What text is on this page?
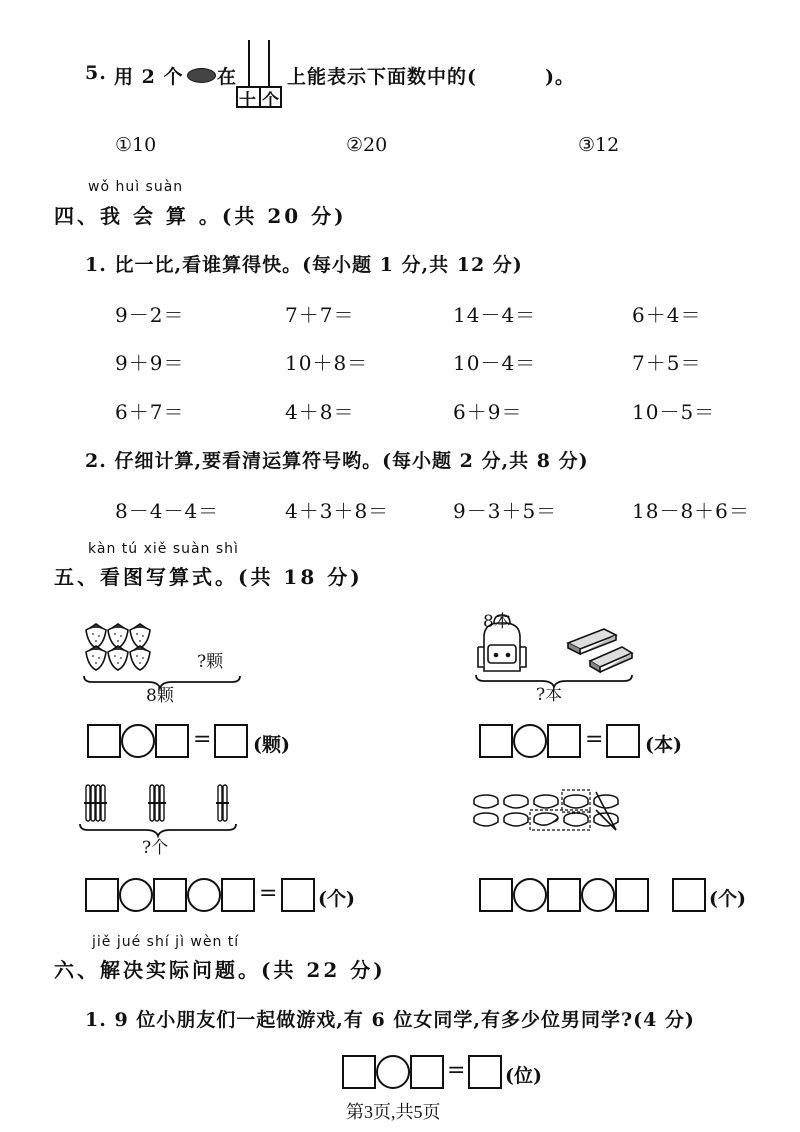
5. 用 2 个 在
十 个
上能表示下面数中的(	)。
①10	②20	③12
wǒ huì suàn
四、我 会 算 。(共 20 分)
1. 比一比,看谁算得快。(每小题 1 分,共 12 分)
9－2＝	7＋7＝	14－4＝	6＋4＝
9＋9＝	10＋8＝	10－4＝	7＋5＝
6＋7＝	4＋8＝	6＋9＝	10－5＝
2. 仔细计算,要看清运算符号哟。(每小题 2 分,共 8 分)
8－4－4＝	4＋3＋8＝	9－3＋5＝	18－8＋6＝
kàn tú xiě suàn shì
五、看图写算式。(共 18 分)
?颗
8颗
= (颗)
8本
?本
= (本)
?个
= (个)	(个)
jiě jué shí jì wèn tí
六、解决实际问题。(共 22 分)
1. 9 位小朋友们一起做游戏,有 6 位女同学,有多少位男同学?(4 分)
= (位)
第3页,共5页
